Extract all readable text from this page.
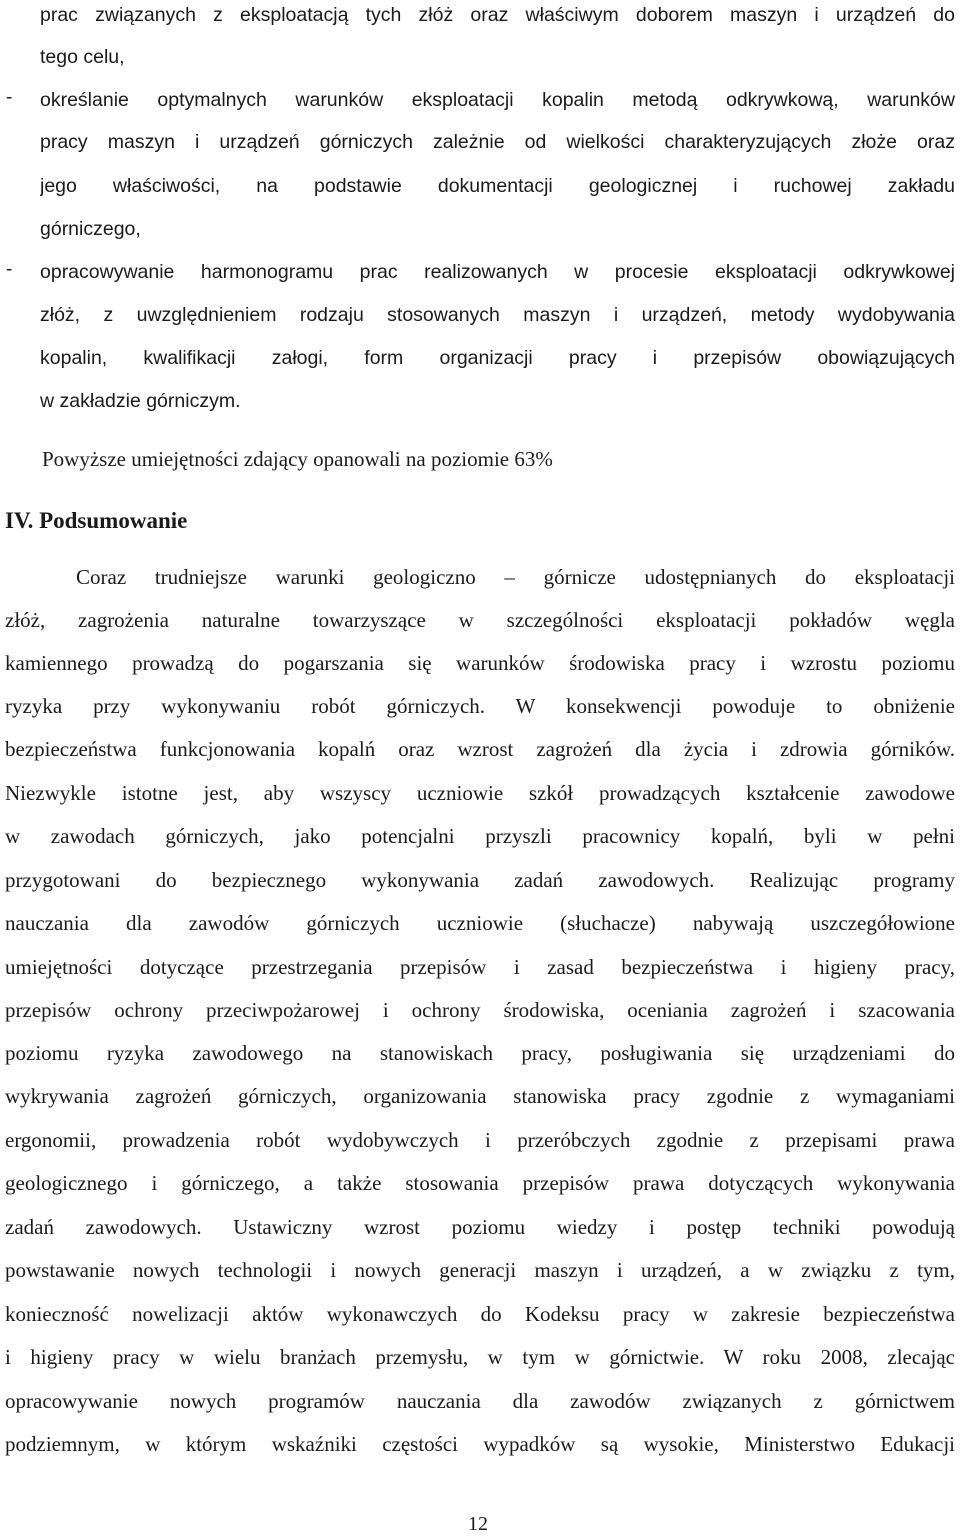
prac związanych z eksploatacją tych złóż oraz właściwym doborem maszyn i urządzeń do
tego celu,
- określanie optymalnych warunków eksploatacji kopalin metodą odkrywkową, warunków
pracy maszyn i urządzeń górniczych zależnie od wielkości charakteryzujących złoże oraz
jego właściwości, na podstawie dokumentacji geologicznej i ruchowej zakładu
górniczego,
- opracowywanie harmonogramu prac realizowanych w procesie eksploatacji odkrywkowej
złóż, z uwzględnieniem rodzaju stosowanych maszyn i urządzeń, metody wydobywania
kopalin, kwalifikacji załogi, form organizacji pracy i przepisów obowiązujących
w zakładzie górniczym.
Powyższe umiejętności zdający opanowali na poziomie 63%
IV. Podsumowanie
Coraz trudniejsze warunki geologiczno – górnicze udostępnianych do eksploatacji
złóż, zagrożenia naturalne towarzyszące w szczególności eksploatacji pokładów węgla
kamiennego prowadzą do pogarszania się warunków środowiska pracy i wzrostu poziomu
ryzyka przy wykonywaniu robót górniczych. W konsekwencji powoduje to obniżenie
bezpieczeństwa funkcjonowania kopalń oraz wzrost zagrożeń dla życia i zdrowia górników.
Niezwykle istotne jest, aby wszyscy uczniowie szkół prowadzących kształcenie zawodowe
w zawodach górniczych, jako potencjalni przyszli pracownicy kopalń, byli w pełni
przygotowani do bezpiecznego wykonywania zadań zawodowych. Realizując programy
nauczania dla zawodów górniczych uczniowie (słuchacze) nabywają uszczegółowione
umiejętności dotyczące przestrzegania przepisów i zasad bezpieczeństwa i higieny pracy,
przepisów ochrony przeciwpożarowej i ochrony środowiska, oceniania zagrożeń i szacowania
poziomu ryzyka zawodowego na stanowiskach pracy, posługiwania się urządzeniami do
wykrywania zagrożeń górniczych, organizowania stanowiska pracy zgodnie z wymaganiami
ergonomii, prowadzenia robót wydobywczych i przeróbczych zgodnie z przepisami prawa
geologicznego i górniczego, a także stosowania przepisów prawa dotyczących wykonywania
zadań zawodowych. Ustawiczny wzrost poziomu wiedzy i postęp techniki powodują
powstawanie nowych technologii i nowych generacji maszyn i urządzeń, a w związku z tym,
konieczność nowelizacji aktów wykonawczych do Kodeksu pracy w zakresie bezpieczeństwa
i higieny pracy w wielu branżach przemysłu, w tym w górnictwie. W roku 2008, zlecając
opracowywanie nowych programów nauczania dla zawodów związanych z górnictwem
podziemnym, w którym wskaźniki częstości wypadków są wysokie, Ministerstwo Edukacji
12
